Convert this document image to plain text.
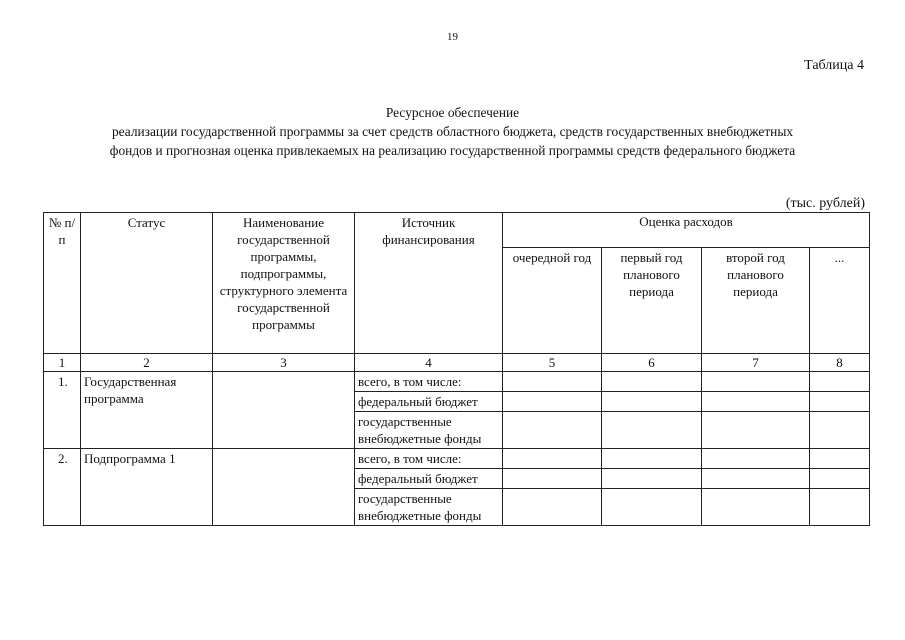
19
Таблица 4
Ресурсное обеспечение
реализации государственной программы за счет средств областного бюджета, средств государственных внебюджетных
фондов и прогнозная оценка привлекаемых на реализацию государственной программы средств федерального бюджета
(тыс. рублей)
№ п/п	Статус	Наименование государственной программы, подпрограммы, структурного элемента государственной программы	Источник финансирования	Оценка расходов			
				очередной год	первый год планового периода	второй год планового периода	...
1	2	3	4	5	6	7	8
1.	Государственная программа		всего, в том числе:				
			федеральный бюджет				
			государственные внебюджетные фонды				
2.	Подпрограмма 1		всего, в том числе:				
			федеральный бюджет				
			государственные внебюджетные фонды				
